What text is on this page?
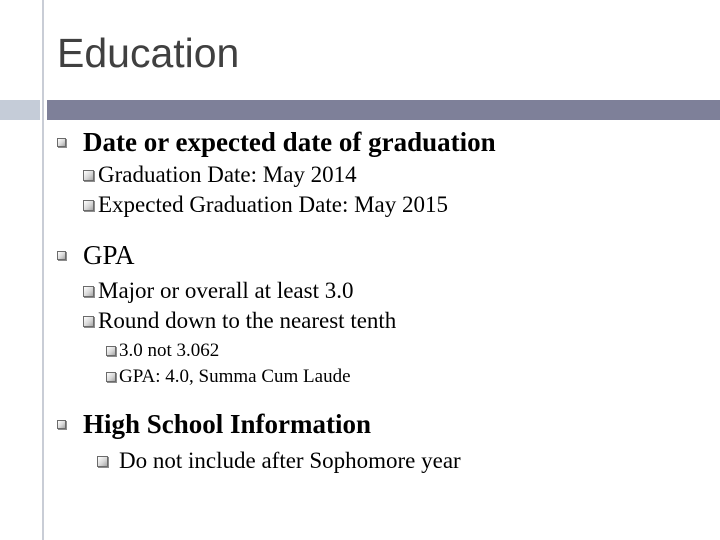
Education
Date or expected date of graduation
Graduation Date: May 2014
Expected Graduation Date: May 2015
GPA
Major or overall at least 3.0
Round down to the nearest tenth
3.0 not 3.062
GPA: 4.0, Summa Cum Laude
High School Information
Do not include after Sophomore year
